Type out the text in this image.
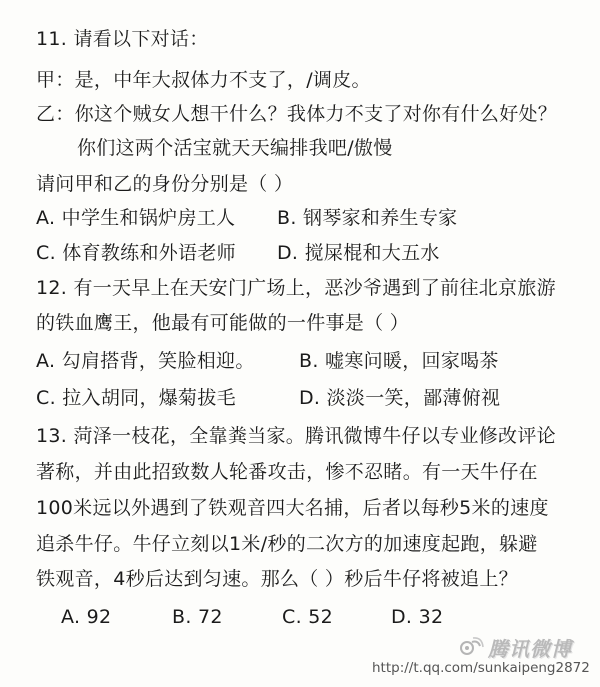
11. 请看以下对话：
甲：是，中年大叔体力不支了，/调皮。
乙：你这个贼女人想干什么？我体力不支了对你有什么好处？
你们这两个活宝就天天编排我吧/傲慢
请问甲和乙的身份分别是（ ）
A. 中学生和锅炉房工人 B. 钢琴家和养生专家
C. 体育教练和外语老师 D. 搅屎棍和大五水
12. 有一天早上在天安门广场上，恶沙爷遇到了前往北京旅游
的铁血鹰王，他最有可能做的一件事是（ ）
A. 勾肩搭背，笑脸相迎。 B. 嘘寒问暖，回家喝茶
C. 拉入胡同，爆菊拔毛	D. 淡淡一笑，鄙薄俯视
13. 菏泽一枝花，全靠粪当家。腾讯微博牛仔以专业修改评论
著称，并由此招致数人轮番攻击，惨不忍睹。有一天牛仔在
100米远以外遇到了铁观音四大名捕，后者以每秒5米的速度
追杀牛仔。牛仔立刻以1米/秒的二次方的加速度起跑，躲避
铁观音，4秒后达到匀速。那么（ ）秒后牛仔将被追上？
A. 92	B. 72	C. 52	D. 32
腾讯微博
http://t.qq.com/sunkaipeng2872
